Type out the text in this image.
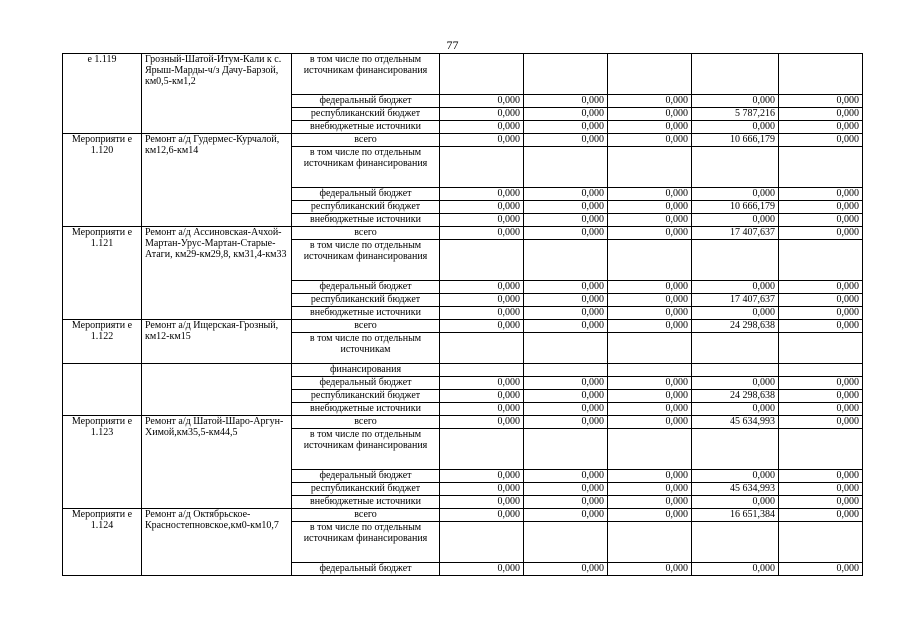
77
е 1.119	Грозный-Шатой-Итум-Кали к с. Ярыш-Марды-ч/з Дачу-Барзой, км0,5-км1,2	в том числе по отдельным источникам финансирования					
		федеральный бюджет	0,000	0,000	0,000	0,000	0,000
		республиканский бюджет	0,000	0,000	0,000	5 787,216	0,000
		внебюджетные источники	0,000	0,000	0,000	0,000	0,000
Мероприяти е 1.120	Ремонт а/д Гудермес-Курчалой, км12,6-км14	всего	0,000	0,000	0,000	10 666,179	0,000
		в том числе по отдельным источникам финансирования					
		федеральный бюджет	0,000	0,000	0,000	0,000	0,000
		республиканский бюджет	0,000	0,000	0,000	10 666,179	0,000
		внебюджетные источники	0,000	0,000	0,000	0,000	0,000
Мероприяти е 1.121	Ремонт а/д Ассиновская-Ачхой-Мартан-Урус-Мартан-Старые-Атаги, км29-км29,8, км31,4-км33	всего	0,000	0,000	0,000	17 407,637	0,000
		в том числе по отдельным источникам финансирования					
		федеральный бюджет	0,000	0,000	0,000	0,000	0,000
		республиканский бюджет	0,000	0,000	0,000	17 407,637	0,000
		внебюджетные источники	0,000	0,000	0,000	0,000	0,000
Мероприяти е 1.122	Ремонт а/д Ищерская-Грозный, км12-км15	всего	0,000	0,000	0,000	24 298,638	0,000
		в том числе по отдельным источникам					
		финансирования					
		федеральный бюджет	0,000	0,000	0,000	0,000	0,000
		республиканский бюджет	0,000	0,000	0,000	24 298,638	0,000
		внебюджетные источники	0,000	0,000	0,000	0,000	0,000
Мероприяти е 1.123	Ремонт а/д Шатой-Шаро-Аргун-Химой,км35,5-км44,5	всего	0,000	0,000	0,000	45 634,993	0,000
		в том числе по отдельным источникам финансирования					
		федеральный бюджет	0,000	0,000	0,000	0,000	0,000
		республиканский бюджет	0,000	0,000	0,000	45 634,993	0,000
		внебюджетные источники	0,000	0,000	0,000	0,000	0,000
Мероприяти е 1.124	Ремонт а/д Октябрьское-Красностепновское,км0-км10,7	всего	0,000	0,000	0,000	16 651,384	0,000
		в том числе по отдельным источникам финансирования					
		федеральный бюджет	0,000	0,000	0,000	0,000	0,000
